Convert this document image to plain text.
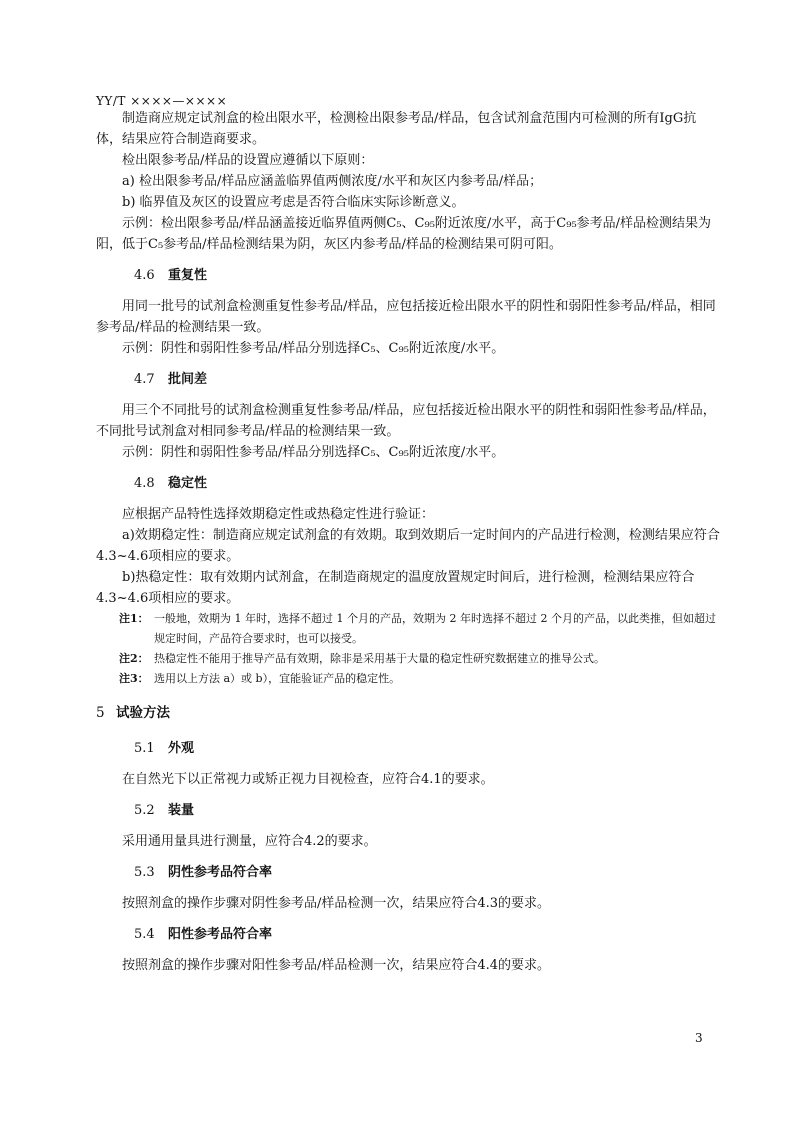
YY/T ××××—××××

制造商应规定试剂盒的检出限水平，检测检出限参考品/样品，包含试剂盒范围内可检测的所有IgG抗体，结果应符合制造商要求。

检出限参考品/样品的设置应遵循以下原则：

a) 检出限参考品/样品应涵盖临界值两侧浓度/水平和灰区内参考品/样品；

b) 临界值及灰区的设置应考虑是否符合临床实际诊断意义。

示例：检出限参考品/样品涵盖接近临界值两侧C₅、C₉₅附近浓度/水平，高于C₉₅参考品/样品检测结果为阳，低于C₅参考品/样品检测结果为阴，灰区内参考品/样品的检测结果可阴可阳。

4.6 重复性

用同一批号的试剂盒检测重复性参考品/样品，应包括接近检出限水平的阴性和弱阳性参考品/样品，相同参考品/样品的检测结果一致。

示例：阴性和弱阳性参考品/样品分别选择C₅、C₉₅附近浓度/水平。

4.7 批间差

用三个不同批号的试剂盒检测重复性参考品/样品，应包括接近检出限水平的阴性和弱阳性参考品/样品，不同批号试剂盒对相同参考品/样品的检测结果一致。

示例：阴性和弱阳性参考品/样品分别选择C₅、C₉₅附近浓度/水平。

4.8 稳定性

应根据产品特性选择效期稳定性或热稳定性进行验证：

a)效期稳定性：制造商应规定试剂盒的有效期。取到效期后一定时间内的产品进行检测，检测结果应符合4.3~4.6项相应的要求。

b)热稳定性：取有效期内试剂盒，在制造商规定的温度放置规定时间后，进行检测，检测结果应符合4.3~4.6项相应的要求。

注1： 一般地，效期为 1 年时，选择不超过 1 个月的产品，效期为 2 年时选择不超过 2 个月的产品，以此类推，但如超过规定时间，产品符合要求时，也可以接受。

注2： 热稳定性不能用于推导产品有效期，除非是采用基于大量的稳定性研究数据建立的推导公式。

注3： 选用以上方法 a）或 b），宜能验证产品的稳定性。

5 试验方法
5.1 外观

在自然光下以正常视力或矫正视力目视检查，应符合4.1的要求。

5.2 装量

采用通用量具进行测量，应符合4.2的要求。

5.3 阴性参考品符合率

按照剂盒的操作步骤对阴性参考品/样品检测一次，结果应符合4.3的要求。

5.4 阳性参考品符合率

按照剂盒的操作步骤对阳性参考品/样品检测一次，结果应符合4.4的要求。

3
